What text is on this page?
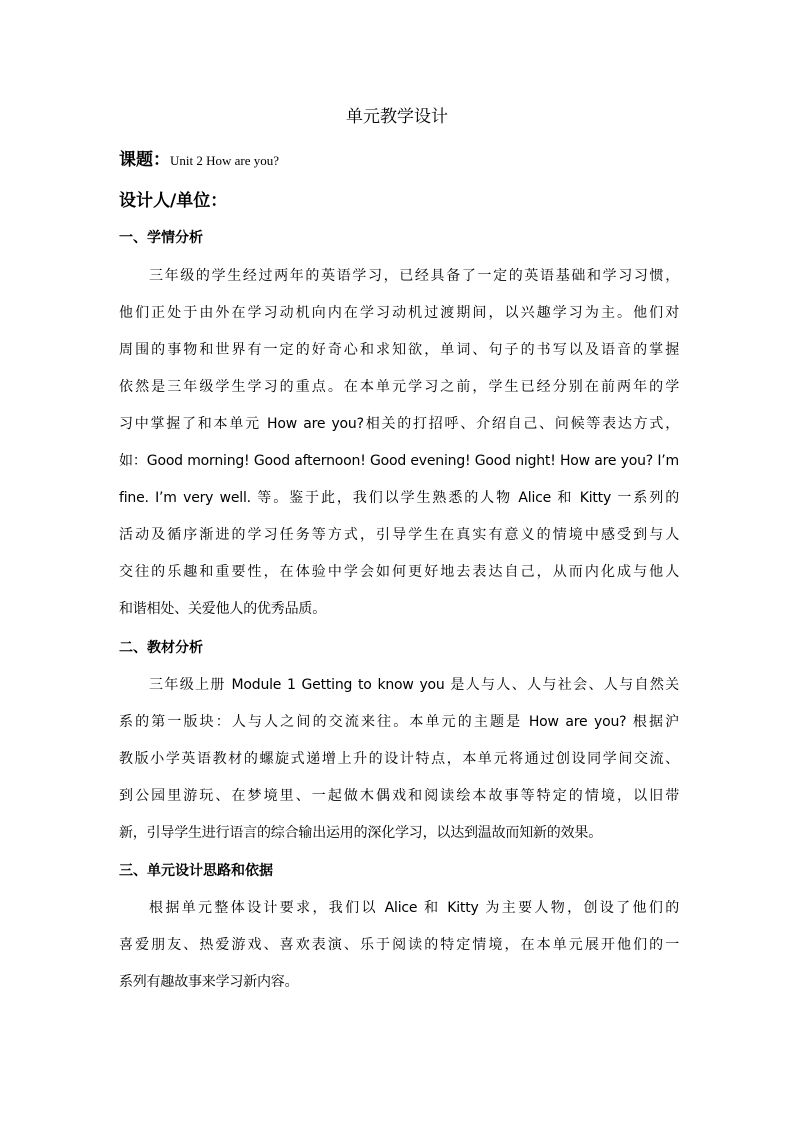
单元教学设计
课题：Unit 2 How are you?
设计人/单位：
一、学情分析
三年级的学生经过两年的英语学习，已经具备了一定的英语基础和学习习惯，
他们正处于由外在学习动机向内在学习动机过渡期间，以兴趣学习为主。他们对
周围的事物和世界有一定的好奇心和求知欲，单词、句子的书写以及语音的掌握
依然是三年级学生学习的重点。在本单元学习之前，学生已经分别在前两年的学
习中掌握了和本单元 How are you?相关的打招呼、介绍自己、问候等表达方式，
如：Good morning! Good afternoon! Good evening! Good night! How are you? I’m
fine. I’m very well. 等。鉴于此，我们以学生熟悉的人物 Alice 和 Kitty 一系列的
活动及循序渐进的学习任务等方式，引导学生在真实有意义的情境中感受到与人
交往的乐趣和重要性，在体验中学会如何更好地去表达自己，从而内化成与他人
和谐相处、关爱他人的优秀品质。
二、教材分析
三年级上册 Module 1 Getting to know you 是人与人、人与社会、人与自然关
系的第一版块：人与人之间的交流来往。本单元的主题是 How are you? 根据沪
教版小学英语教材的螺旋式递增上升的设计特点，本单元将通过创设同学间交流、
到公园里游玩、在梦境里、一起做木偶戏和阅读绘本故事等特定的情境，以旧带
新，引导学生进行语言的综合输出运用的深化学习，以达到温故而知新的效果。
三、单元设计思路和依据
根据单元整体设计要求，我们以 Alice 和 Kitty 为主要人物，创设了他们的
喜爱朋友、热爱游戏、喜欢表演、乐于阅读的特定情境，在本单元展开他们的一
系列有趣故事来学习新内容。
